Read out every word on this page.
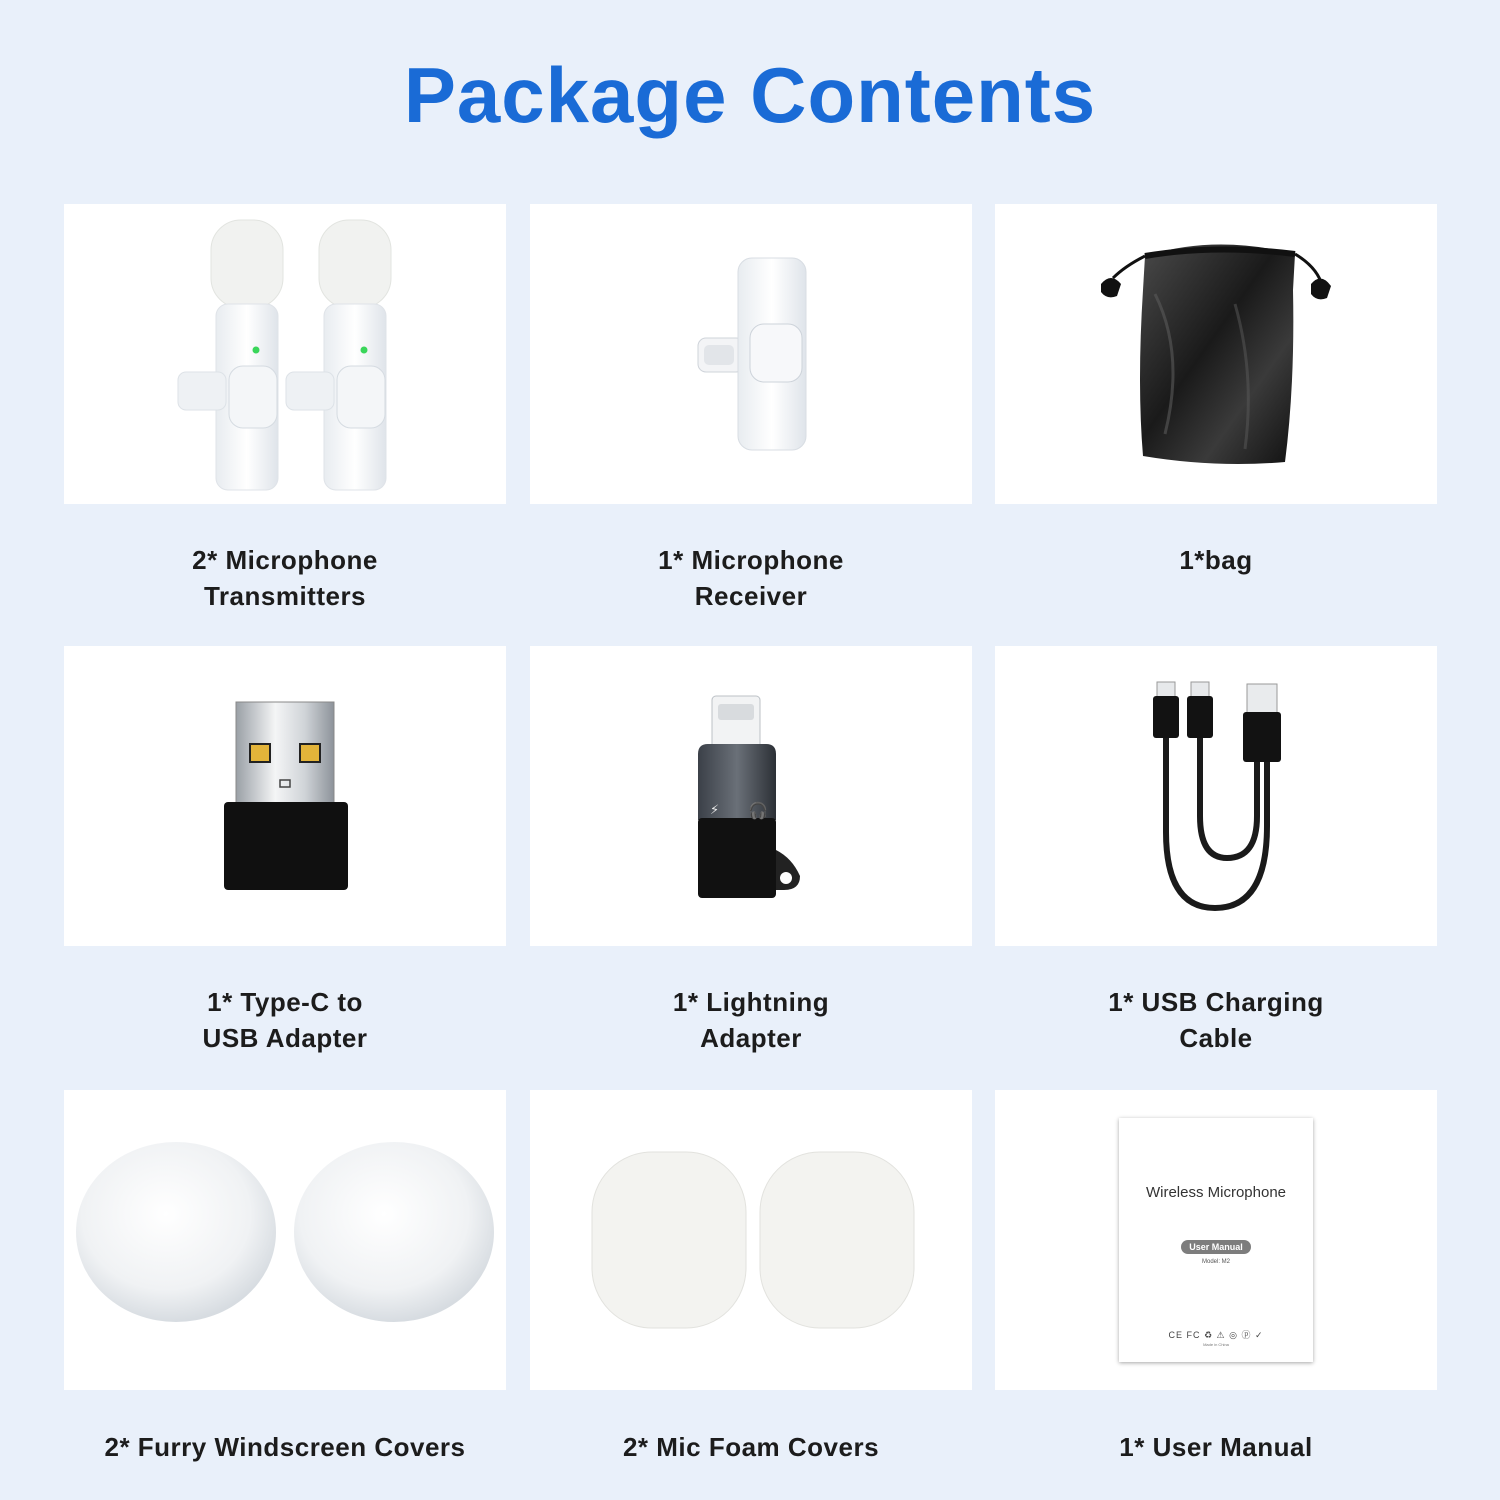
Package Contents
2* Microphone
Transmitters
1* Microphone
Receiver
1*bag
⚡ 🎧
1* Type-C to
USB Adapter
1* Lightning
Adapter
1* USB Charging
Cable
Wireless Microphone
User Manual
Model: M2
CE FC ♻ ⚠ ◎ ⓟ ✓
Made in China
2* Furry Windscreen Covers	2* Mic Foam Covers	1* User Manual
